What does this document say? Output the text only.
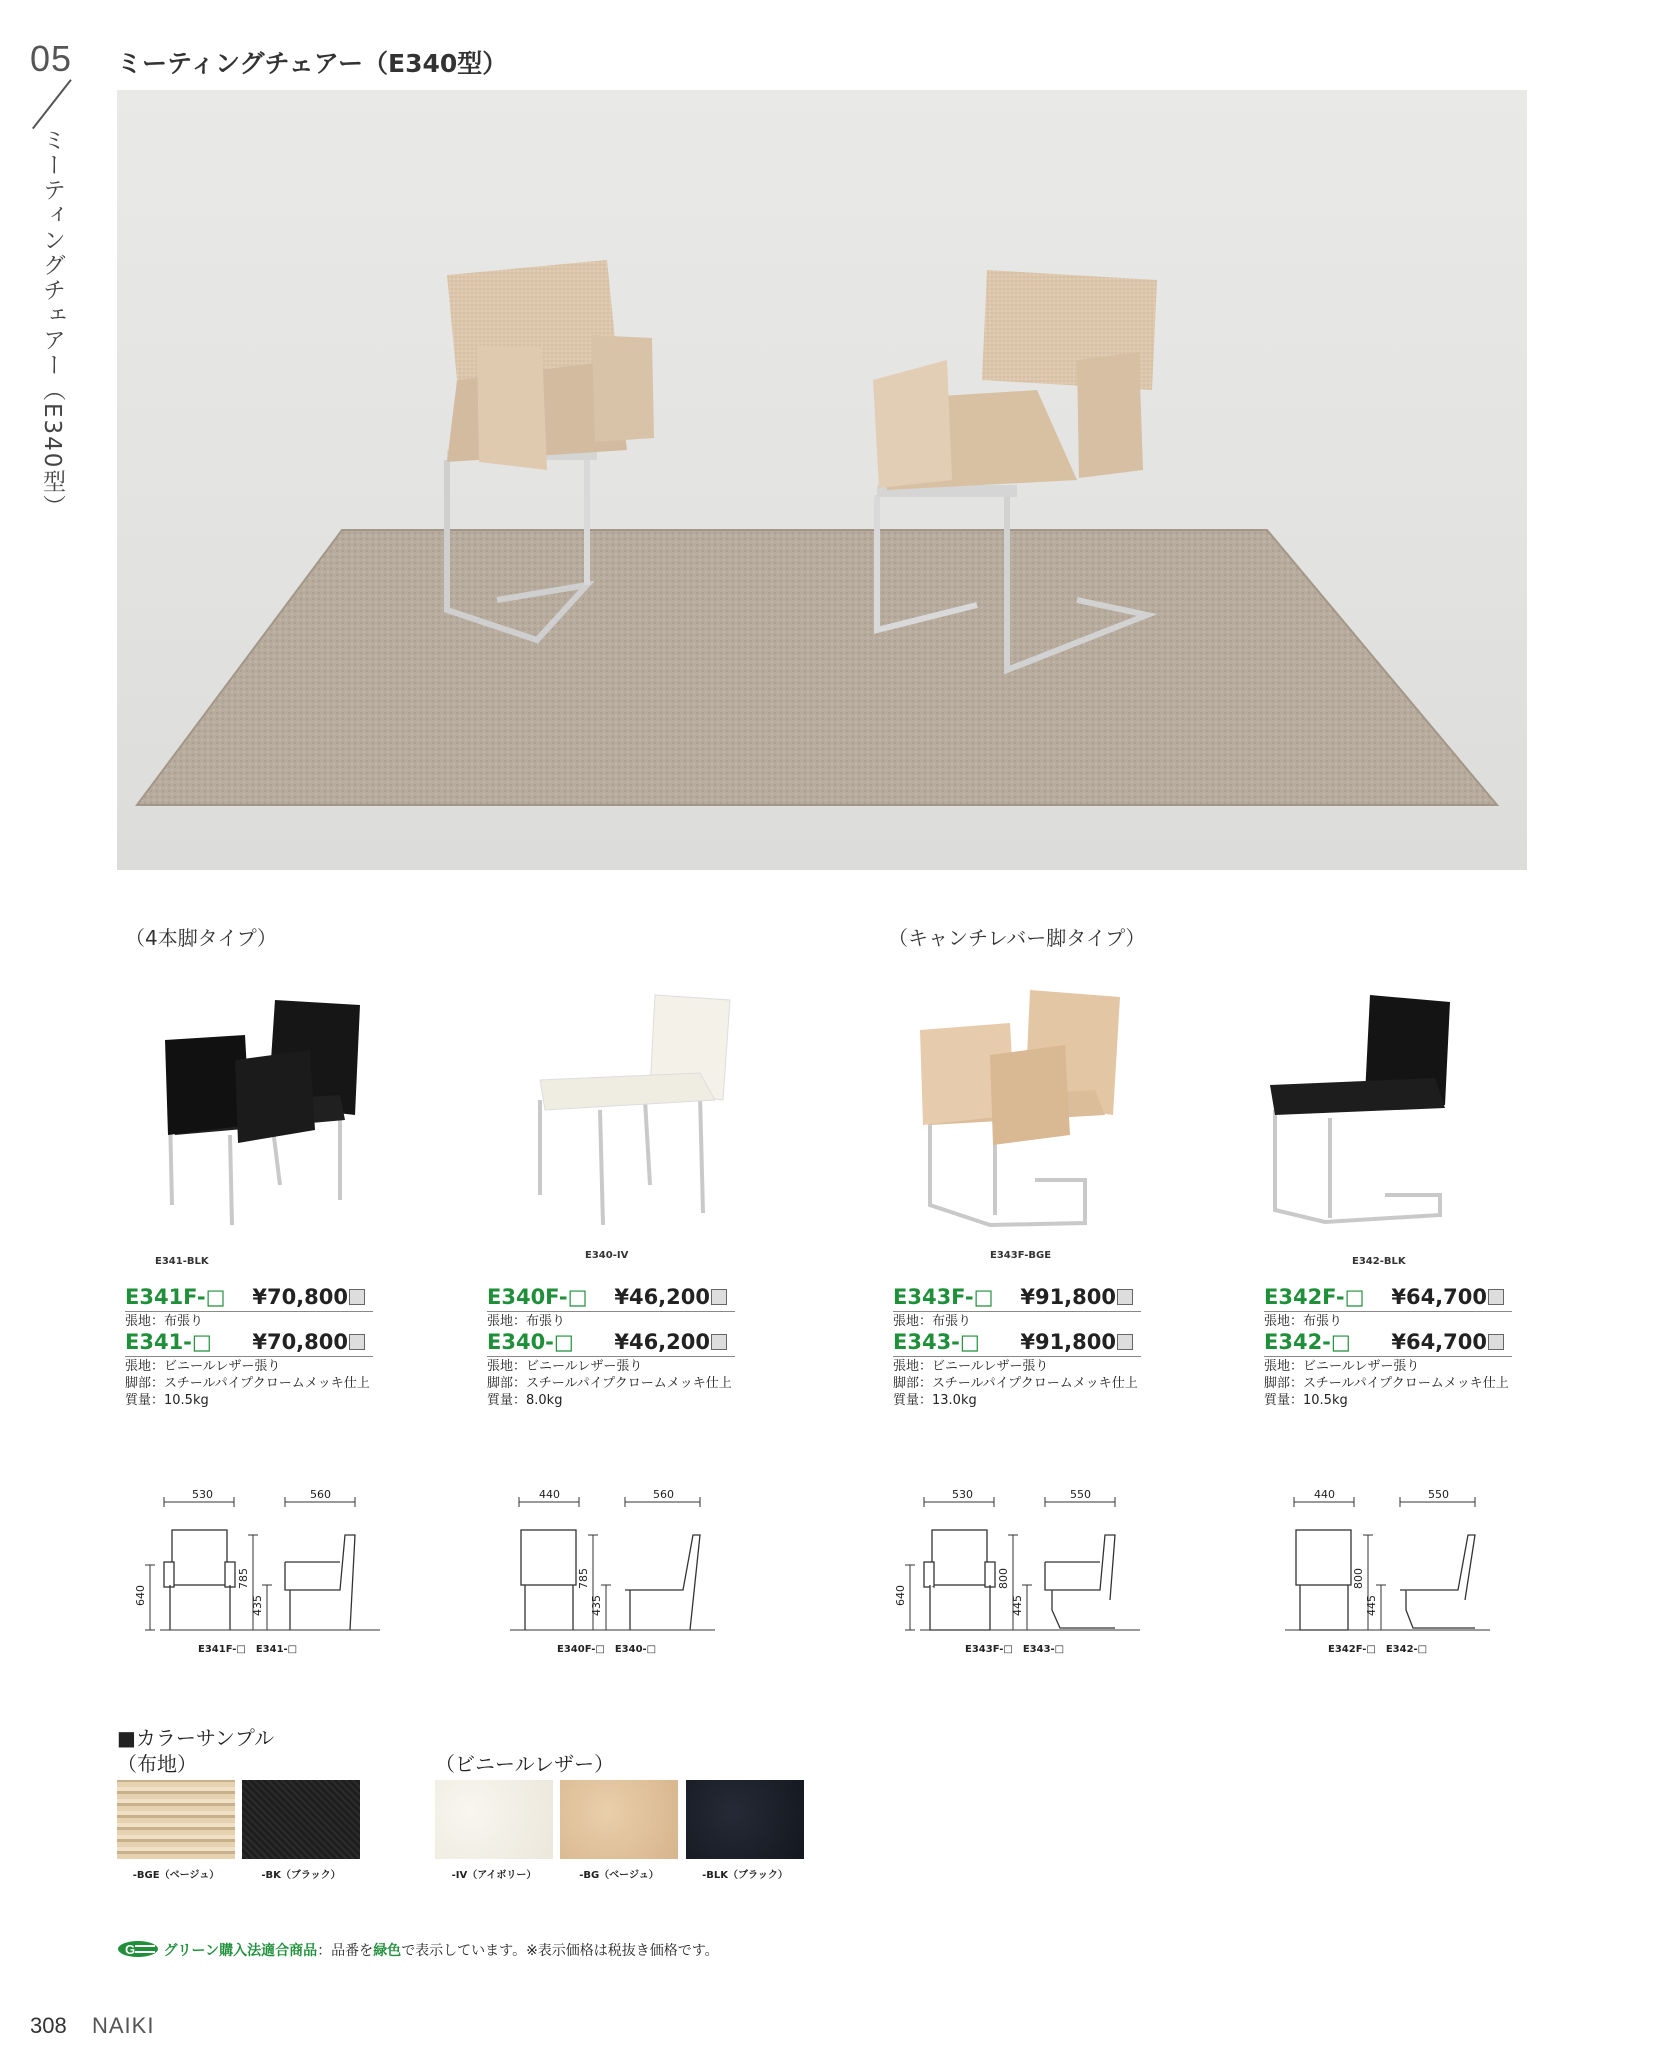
05
ミーティングチェアー（E340型）
ミーティングチェアー（E340型）
（4本脚タイプ）	（キャンチレバー脚タイプ）
E341-BLK
E340-IV	E343F-BGE
E342-BLK
E341F-□ ¥70,800
張地：布張り
E341-□ ¥70,800
張地：ビニールレザー張り
脚部：スチールパイプクロームメッキ仕上
質量：10.5kg
E340F-□ ¥46,200
張地：布張り
E340-□ ¥46,200
張地：ビニールレザー張り
脚部：スチールパイプクロームメッキ仕上
質量：8.0kg
E343F-□ ¥91,800
張地：布張り
E343-□ ¥91,800
張地：ビニールレザー張り
脚部：スチールパイプクロームメッキ仕上
質量：13.0kg
E342F-□ ¥64,700
張地：布張り
E342-□ ¥64,700
張地：ビニールレザー張り
脚部：スチールパイプクロームメッキ仕上
質量：10.5kg
530	560
640
785
435
E341F-□　E341-□
440	560
785
435
E340F-□　E340-□
530	550
640
800
445
E343F-□　E343-□
440	550
800
445
E342F-□　E342-□
■カラーサンプル
（布地）	（ビニールレザー）
-BGE（ベージュ）	-BK（ブラック）	-IV（アイボリー）	-BG（ベージュ）	-BLK（ブラック）
G グリーン購入法適合商品：品番を緑色で表示しています。※表示価格は税抜き価格です。
308 NAIKI
